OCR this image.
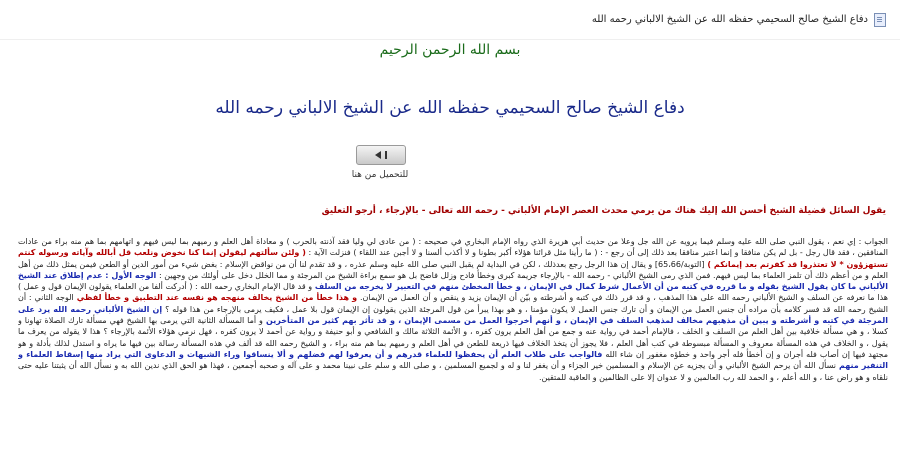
دفاع الشيخ صالح السحيمي حفظه الله عن الشيخ الالباني رحمه الله
بسم الله الرحمن الرحيم
دفاع الشيخ صالح السحيمي حفظه الله عن الشيخ الالباني رحمه الله
للتحميل من هنا
يقول السائل فضيلة الشيخ أحسن الله إليك هناك من يرمي محدث العصر الإمام الألباني - رحمه الله تعالى - بالإرجاء ، أرجو التعليق
الجواب : إي نعم ، يقول النبي صلى الله عليه وسلم فيما يرويه عن الله جل وعلا من حديث أبي هريرة الذي رواه الإمام البخاري في صحيحه : ( من عادى لي وليا فقد آذنته بالحرب ) و معاداة أهل العلم و رميهم بما ليس فيهم و اتهامهم بما هم منه براء من عادات المنافقين ، فقد قال رجل - بل لم يكن منافقا و إنما اعتبر منافقا بعد ذلك إلى أن رجع - : ( ما رأينا مثل قرائنا هؤلاء أكبر بطونا و لا أكذب ألسنا و لا أجبن عند اللقاء ) فنزلت الآية : ( ولئن سألتهم ليقولن إنما كنا نخوض ونلعب قل أبالله وآياته ورسوله كنتم تستهزؤون * لا تعتذروا قد كفرتم بعد إيمانكم ) [التوبة/65،66] و يقال إن هذا الرجل رجع بعدذلك ، لكن في البداية لم يقبل النبي صلى الله عليه وسلم عذره ، و قد تقدم لنا أن من نواقض الإسلام : بغض شيء من أمور الدين أو الطعن فيمن يمثل ذلك من أهل العلم و من أعظم ذلك أن تلمز العلماء بما ليس فيهم. فمن الذي رمى الشيخ الألباني - رحمه الله - بالإرجاء جريمة كبرى وخطأ فادح وزلل فاضح بل هو سمع براءة الشيخ من المرجئة و مما الخلل دخل على أولئك من وجهين : الوجه الأول : عدم إطلاق عند الشيخ الألباني ما كان يقول الشيخ بقوله و ما قرره في كتبه من أن الأعمال شرط كمال في الإيمان ، و خطأ المخطئ منهم في التعبير لا يخرجه من السلف و قد قال الإمام البخاري رحمه الله : ( أدركت ألفا من العلماء يقولون الإيمان قول و عمل ) هذا ما نعرفه عن السلف و الشيخ الألباني رحمه الله على هذا المذهب ، و قد قرر ذلك في كتبه و أشرطته و بيّن أن الإيمان يزيد و ينقص و أن العمل من الإيمان. و هذا خطأ من الشيخ يخالف منهجه هو نفسه عند التطبيق و خطأ لفظي الوجه الثاني : أن الشيخ رحمه الله قد فسر كلامه بأن مراده أن جنس العمل من الإيمان و أن تارك جنس العمل لا يكون مؤمنا ، و هو بهذا يبرأ من قول المرجئة الذين يقولون إن الإيمان قول بلا عمل ، فكيف يرمى بالإرجاء من هذا قوله ؟ إن الشيخ الألباني رحمه الله يرد على المرجئة في كتبه و أشرطته و يبين أن مذهبهم مخالف لمذهب السلف في الإيمان ، و أنهم أخرجوا العمل من مسمى الإيمان ، و قد تأثر بهم كثير من المتأخرين و أما المسألة الثانية التي يرمى بها الشيخ فهي مسألة تارك الصلاة تهاونا و كسلا ، و هي مسألة خلافية بين أهل العلم من السلف و الخلف ، فالإمام أحمد في رواية عنه و جمع من أهل العلم يرون كفره ، و الأئمة الثلاثة مالك و الشافعي و أبو حنيفة و رواية عن أحمد لا يرون كفره ، فهل نرمي هؤلاء الأئمة بالإرجاء ؟ هذا لا يقوله من يعرف ما يقول ، و الخلاف في هذه المسألة معروف و المسألة مبسوطة في كتب أهل العلم ، فلا يجوز أن يتخذ الخلاف فيها ذريعة للطعن في أهل العلم و رميهم بما هم منه براء ، و الشيخ رحمه الله قد ألف في هذه المسألة رسالة بين فيها ما يراه و استدل لذلك بأدلة و هو مجتهد فيها إن أصاب فله أجران و إن أخطأ فله أجر واحد و خطؤه مغفور إن شاء الله فالواجب على طلاب العلم أن يحفظوا للعلماء قدرهم و أن يعرفوا لهم فضلهم و ألا ينساقوا وراء الشبهات و الدعاوى التي يراد منها إسقاط العلماء و التنفير منهم نسأل الله أن يرحم الشيخ الألباني و أن يجزيه عن الإسلام و المسلمين خير الجزاء و أن يغفر لنا و له و لجميع المسلمين ، و صلى الله و سلم على نبينا محمد و على آله و صحبه أجمعين ، فهذا هو الحق الذي ندين الله به و نسأل الله أن يثبتنا عليه حتى نلقاه و هو راض عنا ، و الله أعلم ، و الحمد لله رب العالمين و لا عدوان إلا على الظالمين و العاقبة للمتقين.
